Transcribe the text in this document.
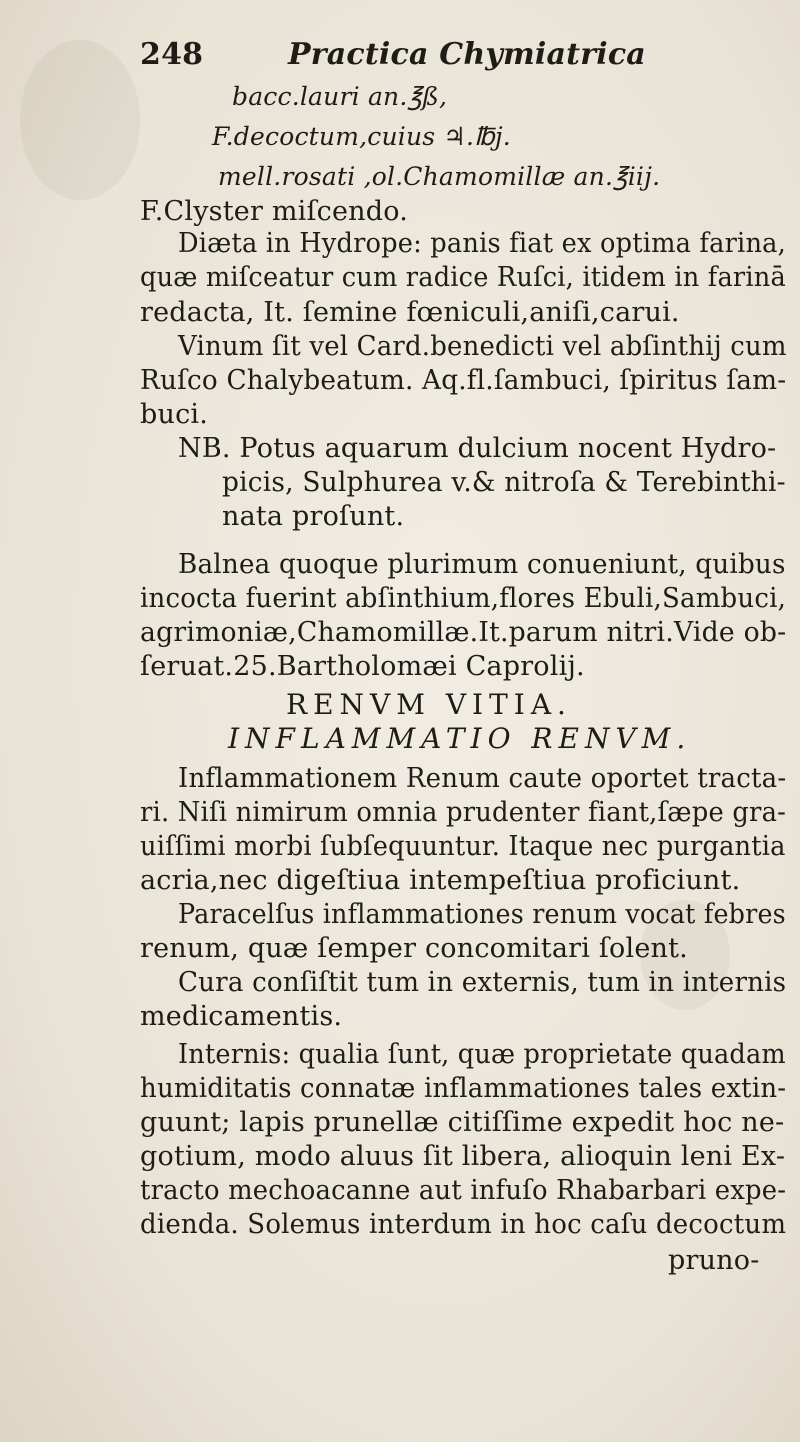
248	Practica Chymiatrica
bacc.lauri an.℥ß,
F.decoctum,cuius ♃.℔j.
mell.rosati ,ol.Chamomillæ an.℥iij.
F.Clyster miſcendo.
Diæta in Hydrope: panis fiat ex optima farina,
quæ miſceatur cum radice Ruſci, itidem in farinā
redacta, It. ſemine fœniculi,aniſi,carui.
Vinum ſit vel Card.benedicti vel abſinthij cum
Ruſco Chalybeatum. Aq.fl.ſambuci, ſpiritus ſam-
buci.
NB. Potus aquarum dulcium nocent Hydro-
picis, Sulphurea v.& nitroſa & Terebinthi-
nata proſunt.
Balnea quoque plurimum conueniunt, quibus
incocta fuerint abſinthium,flores Ebuli,Sambuci,
agrimoniæ,Chamomillæ.It.parum nitri.Vide ob-
ſeruat.25.Bartholomæi Caprolij.
RENVM VITIA.
INFLAMMATIO RENVM.
Inflammationem Renum caute oportet tracta-
ri. Niſi nimirum omnia prudenter fiant,ſæpe gra-
uiſſimi morbi ſubſequuntur. Itaque nec purgantia
acria,nec digeſtiua intempeſtiua proficiunt.
Paracelſus inflammationes renum vocat febres
renum, quæ ſemper concomitari ſolent.
Cura conſiſtit tum in externis, tum in internis
medicamentis.
Internis: qualia ſunt, quæ proprietate quadam
humiditatis connatæ inflammationes tales extin-
guunt; lapis prunellæ citiſſime expedit hoc ne-
gotium, modo aluus ſit libera, alioquin leni Ex-
tracto mechoacanne aut infuſo Rhabarbari expe-
dienda. Solemus interdum in hoc caſu decoctum
pruno-
